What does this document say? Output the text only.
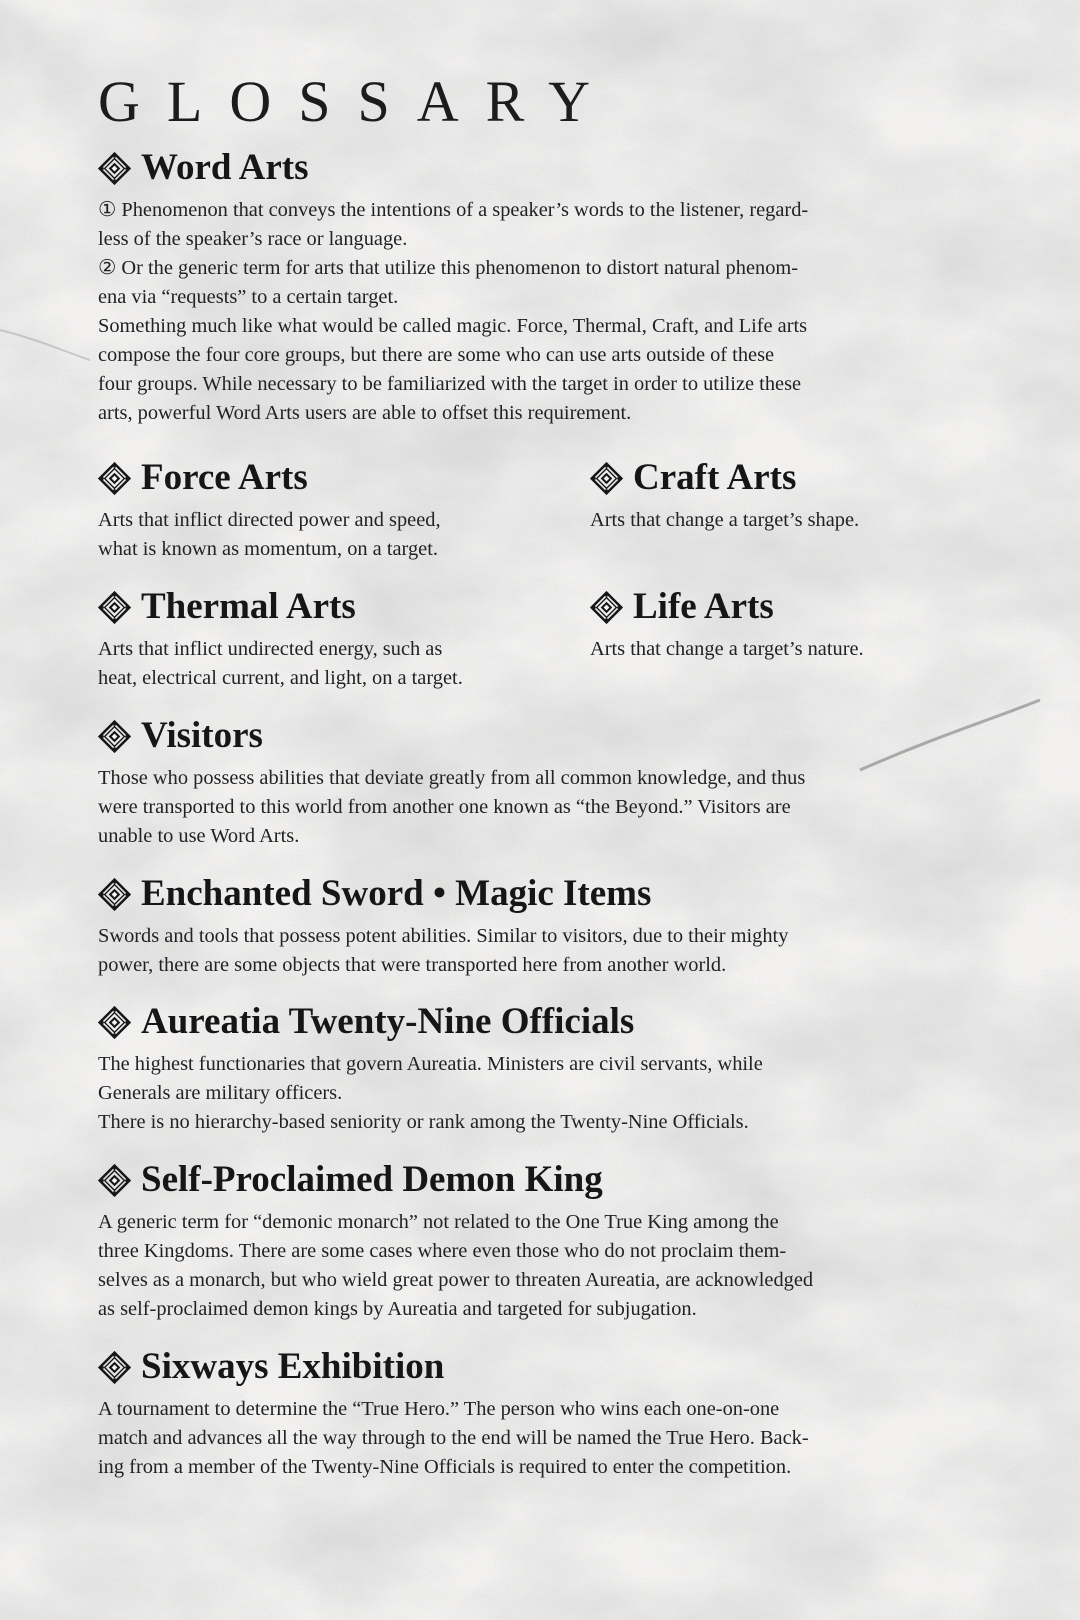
GLOSSARY
Word Arts

① Phenomenon that conveys the intentions of a speaker’s words to the listener, regard-

less of the speaker’s race or language.

② Or the generic term for arts that utilize this phenomenon to distort natural phenom-

ena via “requests” to a certain target.

Something much like what would be called magic. Force, Thermal, Craft, and Life arts

compose the four core groups, but there are some who can use arts outside of these

four groups. While necessary to be familiarized with the target in order to utilize these

arts, powerful Word Arts users are able to offset this requirement.

Force Arts

Arts that inflict directed power and speed,

what is known as momentum, on a target.

Craft Arts

Arts that change a target’s shape.

Thermal Arts

Arts that inflict undirected energy, such as

heat, electrical current, and light, on a target.

Life Arts

Arts that change a target’s nature.

Visitors

Those who possess abilities that deviate greatly from all common knowledge, and thus

were transported to this world from another one known as “the Beyond.” Visitors are

unable to use Word Arts.

Enchanted Sword • Magic Items

Swords and tools that possess potent abilities. Similar to visitors, due to their mighty

power, there are some objects that were transported here from another world.

Aureatia Twenty-Nine Officials

The highest functionaries that govern Aureatia. Ministers are civil servants, while

Generals are military officers.

There is no hierarchy-based seniority or rank among the Twenty-Nine Officials.

Self-Proclaimed Demon King

A generic term for “demonic monarch” not related to the One True King among the

three Kingdoms. There are some cases where even those who do not proclaim them-

selves as a monarch, but who wield great power to threaten Aureatia, are acknowledged

as self-proclaimed demon kings by Aureatia and targeted for subjugation.

Sixways Exhibition

A tournament to determine the “True Hero.” The person who wins each one-on-one

match and advances all the way through to the end will be named the True Hero. Back-

ing from a member of the Twenty-Nine Officials is required to enter the competition.
